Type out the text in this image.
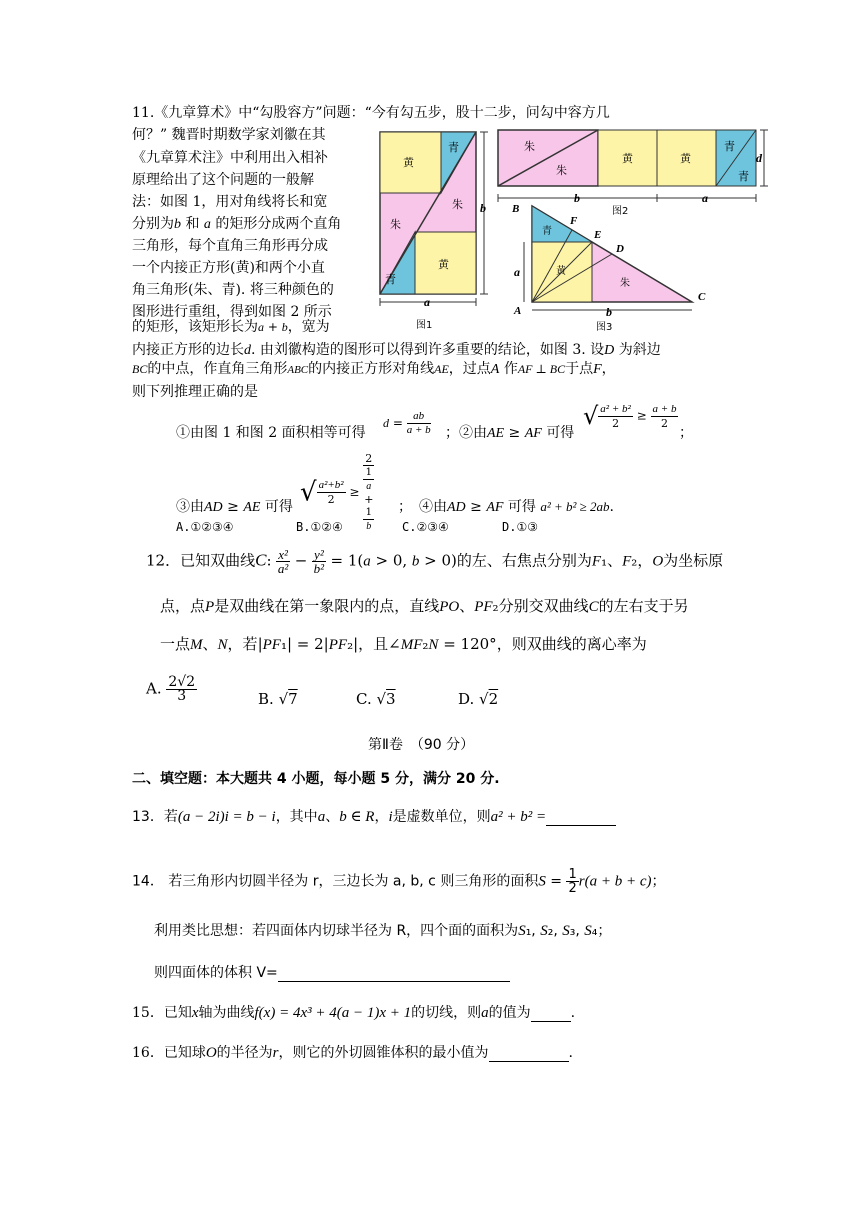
11.《九章算术》中“勾股容方”问题：“今有勾五步，股十二步，问勾中容方几
何？” 魏晋时期数学家刘徽在其
《九章算术注》中利用出入相补
原理给出了这个问题的一般解
法：如图 1，用对角线将长和宽
分别为b 和 a 的矩形分成两个直角
三角形，每个直角三角形再分成
一个内接正方形(黄)和两个小直
角三角形(朱、青). 将三种颜色的
图形进行重组，得到如图 2 所示
的矩形，该矩形长为a + b，宽为
内接正方形的边长d. 由刘徽构造的图形可以得到许多重要的结论，如图 3. 设D 为斜边
BC的中点，作直角三角形ABC的内接正方形对角线AE，过点A 作AF ⊥ BC于点F，
则下列推理正确的是
①由图 1 和图 2 面积相等可得
$d = \frac{ab}{a + b}$ ；②由AE ≥ AF 可得
√ $\frac{\text{a² + b²}}{2} \ge \frac{a + b}{2}$
；
√ $\frac{\text{a²+b²}}{2} \ge 2$
1
a
+
1
b
③由AD ≥ AE 可得	；　④由AD ≥ AF 可得 a² + b² ≥ 2ab.
A.①②③④	B.①②④	C.②③④	D.①③
黄
青
朱
朱
黄
青
b
a
图1
朱
朱
黄	黄
青
青
d
b	a
图2
青
黄
朱
B
F
E
D
A
C
a
b
图3
12．已知双曲线C: $\frac{\text{x²}}{\text{a²}} - \frac{\text{y²}}{\text{b²}} = 1(a > 0$, b > 0)的左、右焦点分别为F₁、F₂，O为坐标原
点，点P是双曲线在第一象限内的点，直线PO、PF₂分别交双曲线C的左右支于另
一点M、N，若|PF₁| = 2|PF₂|，且∠MF₂N = 120°，则双曲线的离心率为
A. $\frac{2√2}{3}$	B. √7	C. √3	D. √2
第Ⅱ卷　（90 分）
二、填空题：本大题共 4 小题，每小题 5 分，满分 20 分.
13．若(a − 2i)i = b − i，其中a、b ∈ R，i是虚数单位，则a² + b² =
14． 若三角形内切圆半径为 r，三边长为 a, b, c 则三角形的面积$S = \frac{1}{2} r(a + b + c)$；
利用类比思想：若四面体内切球半径为 R，四个面的面积为S₁, S₂, S₃, S₄；
则四面体的体积 V=
15．已知x轴为曲线f(x) = 4x³ + 4(a − 1)x + 1的切线，则a的值为	.
16．已知球O的半径为r，则它的外切圆锥体积的最小值为	.
